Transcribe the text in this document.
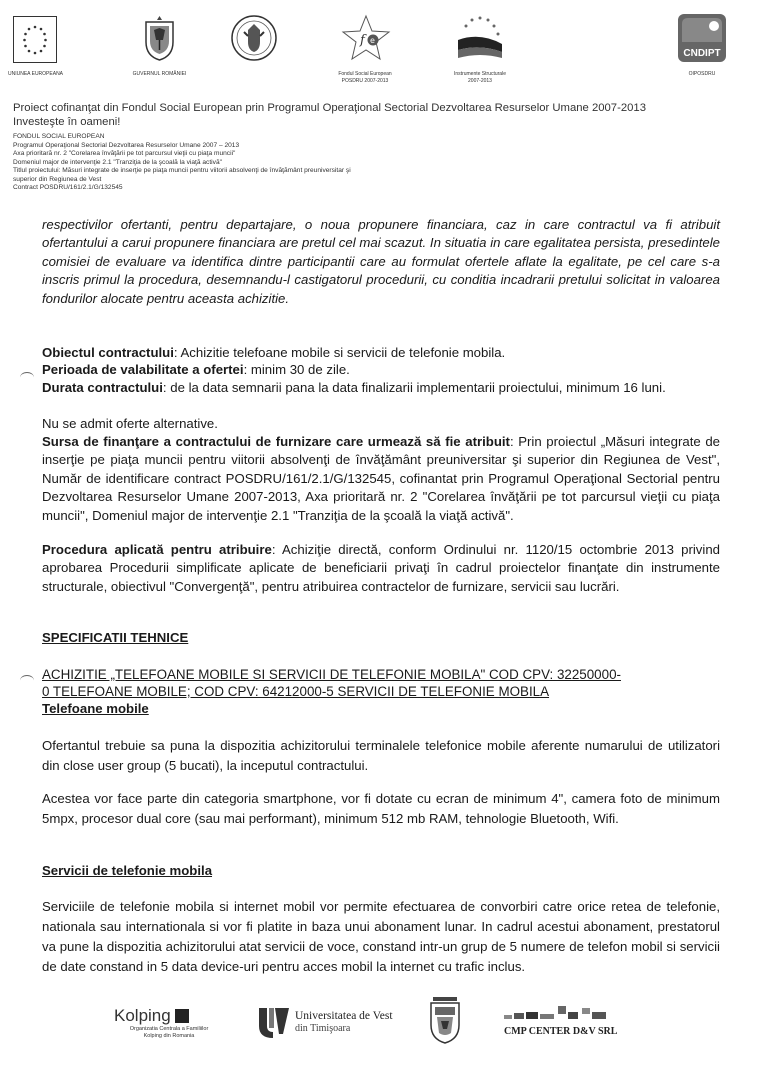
UNIUNEA EUROPEANA	GUVERNUL ROMÂNIEI
f e
Fondul Social European
POSDRU 2007-2013
Instrumente Structurale
2007-2013
CNDIPT
OIPOSDRU
Proiect cofinanţat din Fondul Social European prin Programul Operaţional Sectorial Dezvoltarea Resurselor Umane 2007-2013
Investeşte în oameni!
FONDUL SOCIAL EUROPEAN
Programul Operaţional Sectorial Dezvoltarea Resurselor Umane 2007 – 2013
Axa prioritară nr. 2 "Corelarea învăţării pe tot parcursul vieţii cu piaţa muncii"
Domeniul major de intervenţie 2.1 "Tranziţia de la şcoală la viaţă activă"
Titlul proiectului: Măsuri integrate de inserţie pe piaţa muncii pentru viitorii absolvenţi de învăţământ preuniversitar şi
superior din Regiunea de Vest
Contract POSDRU/161/2.1/G/132545
respectivilor ofertanti, pentru departajare, o noua propunere financiara, caz in care contractul va fi atribuit ofertantului a carui propunere financiara are pretul cel mai scazut. In situatia in care egalitatea persista, presedintele comisiei de evaluare va identifica dintre participantii care au formulat ofertele aflate la egalitate, pe cel care s-a inscris primul la procedura, desemnandu-l castigatorul procedurii, cu conditia incadrarii pretului solicitat in valoarea fondurilor alocate pentru aceasta achizitie.
Obiectul contractului: Achizitie telefoane mobile si servicii de telefonie mobila.
Perioada de valabilitate a ofertei: minim 30 de zile.
Durata contractului: de la data semnarii pana la data finalizarii implementarii proiectului, minimum 16 luni.
Nu se admit oferte alternative.
Sursa de finanţare a contractului de furnizare care urmează să fie atribuit: Prin proiectul „Măsuri integrate de inserţie pe piaţa muncii pentru viitorii absolvenţi de învăţământ preuniversitar şi superior din Regiunea de Vest", Număr de identificare contract POSDRU/161/2.1/G/132545, cofinantat prin Programul Operaţional Sectorial pentru Dezvoltarea Resurselor Umane 2007-2013, Axa prioritară nr. 2 "Corelarea învăţării pe tot parcursul vieţii cu piaţa muncii", Domeniul major de intervenţie 2.1 "Tranziţia de la şcoală la viaţă activă".
Procedura aplicată pentru atribuire: Achiziţie directă, conform Ordinului nr. 1120/15 octombrie 2013 privind aprobarea Procedurii simplificate aplicate de beneficiarii privaţi în cadrul proiectelor finanţate din instrumente structurale, obiectivul "Convergenţă", pentru atribuirea contractelor de furnizare, servicii sau lucrări.
SPECIFICATII TEHNICE
ACHIZITIE „TELEFOANE MOBILE SI SERVICII DE TELEFONIE MOBILA" COD CPV: 32250000-
0 TELEFOANE MOBILE; COD CPV: 64212000-5 SERVICII DE TELEFONIE MOBILA
Telefoane mobile
Ofertantul trebuie sa puna la dispozitia achizitorului terminalele telefonice mobile aferente numarului de utilizatori din close user group (5 bucati), la inceputul contractului.
Acestea vor face parte din categoria smartphone, vor fi dotate cu ecran de minimum 4", camera foto de minimum 5mpx, procesor dual core (sau mai performant), minimum 512 mb RAM, tehnologie Bluetooth, Wifi.
Servicii de telefonie mobila
Serviciile de telefonie mobila si internet mobil vor permite efectuarea de convorbiri catre orice retea de telefonie, nationala sau internationala si vor fi platite in baza unui abonament lunar. In cadrul acestui abonament, prestatorul va pune la dispozitia achizitorului atat servicii de voce, constand intr-un grup de 5 numere de telefon mobil si servicii de date constand in 5 data device-uri pentru acces mobil la internet cu trafic inclus.
Kolping
Organizatia Centrala a Familiilor
Kolping din Romania
Universitatea de Vest
din Timişoara	CMP CENTER D&V SRL
